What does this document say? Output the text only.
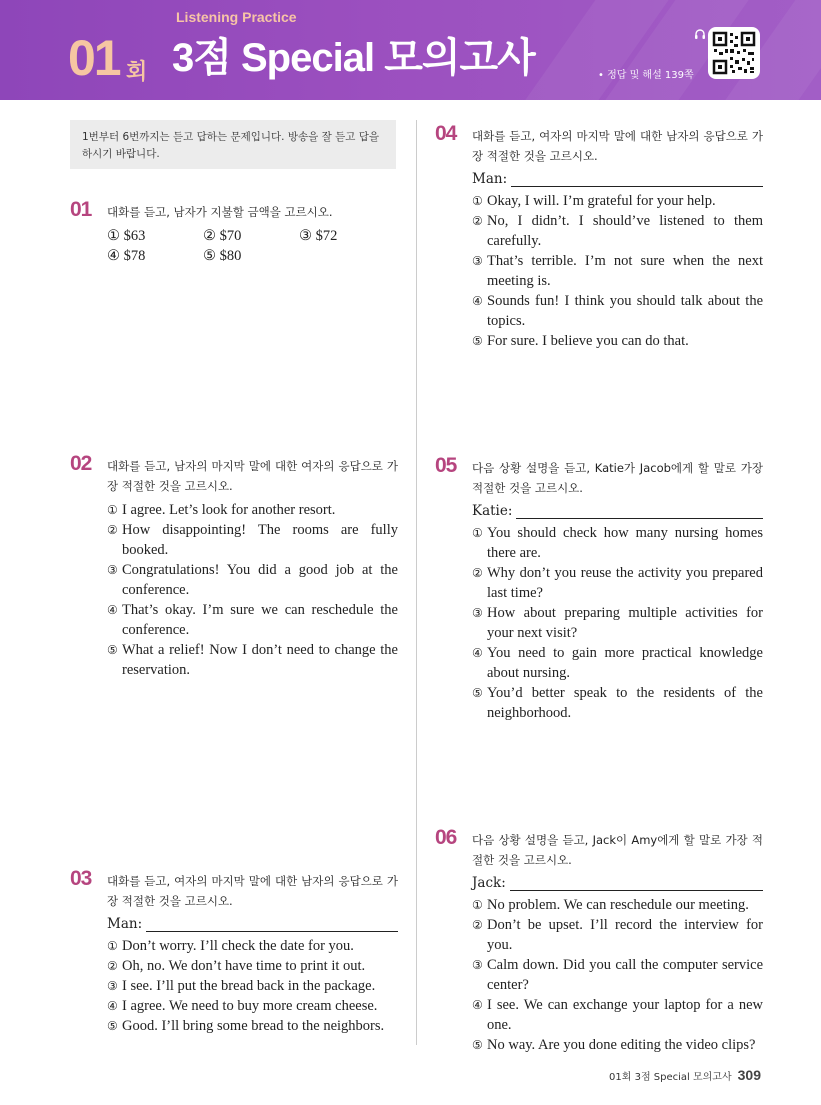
Listening Practice
01 회 3점 Special 모의고사	• 정답 및 해설 139쪽
1번부터 6번까지는 듣고 답하는 문제입니다. 방송을 잘 듣고 답을 하시기 바랍니다.
01 대화를 듣고, 남자가 지불할 금액을 고르시오.
① $63	② $70	③ $72
④ $78	⑤ $80
02 대화를 듣고, 남자의 마지막 말에 대한 여자의 응답으로 가장 적절한 것을 고르시오.
① I agree. Let’s look for another resort.
② How disappointing! The rooms are fully booked.
③ Congratulations! You did a good job at the conference.
④ That’s okay. I’m sure we can reschedule the conference.
⑤ What a relief! Now I don’t need to change the reservation.
03 대화를 듣고, 여자의 마지막 말에 대한 남자의 응답으로 가장 적절한 것을 고르시오.
Man:
① Don’t worry. I’ll check the date for you.
② Oh, no. We don’t have time to print it out.
③ I see. I’ll put the bread back in the package.
④ I agree. We need to buy more cream cheese.
⑤ Good. I’ll bring some bread to the neighbors.
04 대화를 듣고, 여자의 마지막 말에 대한 남자의 응답으로 가장 적절한 것을 고르시오.
Man:
① Okay, I will. I’m grateful for your help.
② No, I didn’t. I should’ve listened to them carefully.
③ That’s terrible. I’m not sure when the next meeting is.
④ Sounds fun! I think you should talk about the topics.
⑤ For sure. I believe you can do that.
05 다음 상황 설명을 듣고, Katie가 Jacob에게 할 말로 가장 적절한 것을 고르시오.
Katie:
① You should check how many nursing homes there are.
② Why don’t you reuse the activity you prepared last time?
③ How about preparing multiple activities for your next visit?
④ You need to gain more practical knowledge about nursing.
⑤ You’d better speak to the residents of the neighborhood.
06 다음 상황 설명을 듣고, Jack이 Amy에게 할 말로 가장 적절한 것을 고르시오.
Jack:
① No problem. We can reschedule our meeting.
② Don’t be upset. I’ll record the interview for you.
③ Calm down. Did you call the computer service center?
④ I see. We can exchange your laptop for a new one.
⑤ No way. Are you done editing the video clips?
01회 3점 Special 모의고사 309
